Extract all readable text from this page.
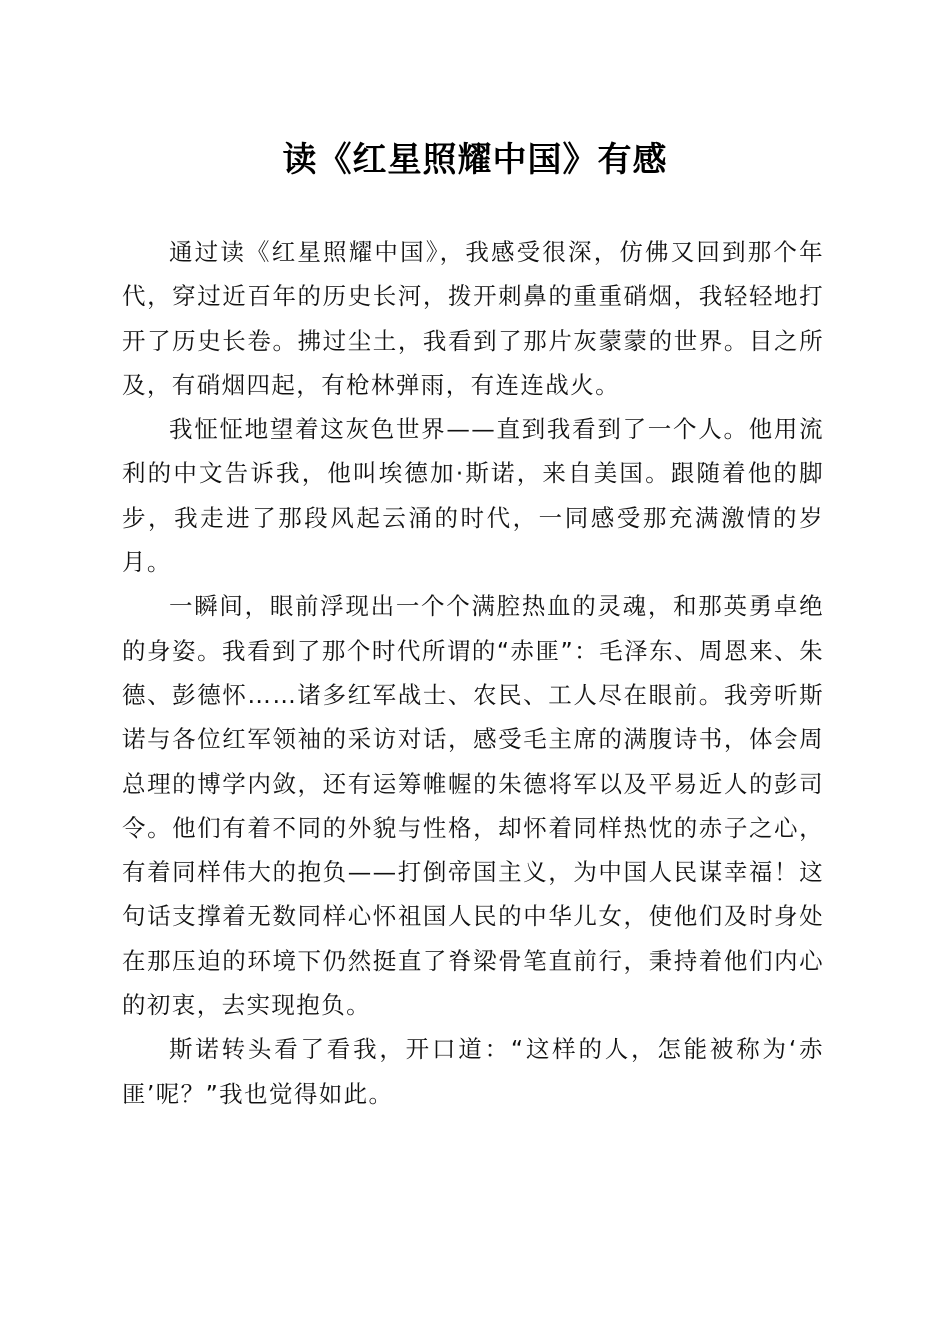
读《红星照耀中国》有感

通过读《红星照耀中国》，我感受很深，仿佛又回到那个年代，穿过近百年的历史长河，拨开刺鼻的重重硝烟，我轻轻地打开了历史长卷。拂过尘土，我看到了那片灰蒙蒙的世界。目之所及，有硝烟四起，有枪林弹雨，有连连战火。

我怔怔地望着这灰色世界——直到我看到了一个人。他用流利的中文告诉我，他叫埃德加·斯诺，来自美国。跟随着他的脚步，我走进了那段风起云涌的时代，一同感受那充满激情的岁月。

一瞬间，眼前浮现出一个个满腔热血的灵魂，和那英勇卓绝的身姿。我看到了那个时代所谓的“赤匪”：毛泽东、周恩来、朱德、彭德怀……诸多红军战士、农民、工人尽在眼前。我旁听斯诺与各位红军领袖的采访对话，感受毛主席的满腹诗书，体会周总理的博学内敛，还有运筹帷幄的朱德将军以及平易近人的彭司令。他们有着不同的外貌与性格，却怀着同样热忱的赤子之心，有着同样伟大的抱负——打倒帝国主义，为中国人民谋幸福！这句话支撑着无数同样心怀祖国人民的中华儿女，使他们及时身处在那压迫的环境下仍然挺直了脊梁骨笔直前行，秉持着他们内心的初衷，去实现抱负。

斯诺转头看了看我，开口道：“这样的人，怎能被称为‘赤匪’呢？”我也觉得如此。
